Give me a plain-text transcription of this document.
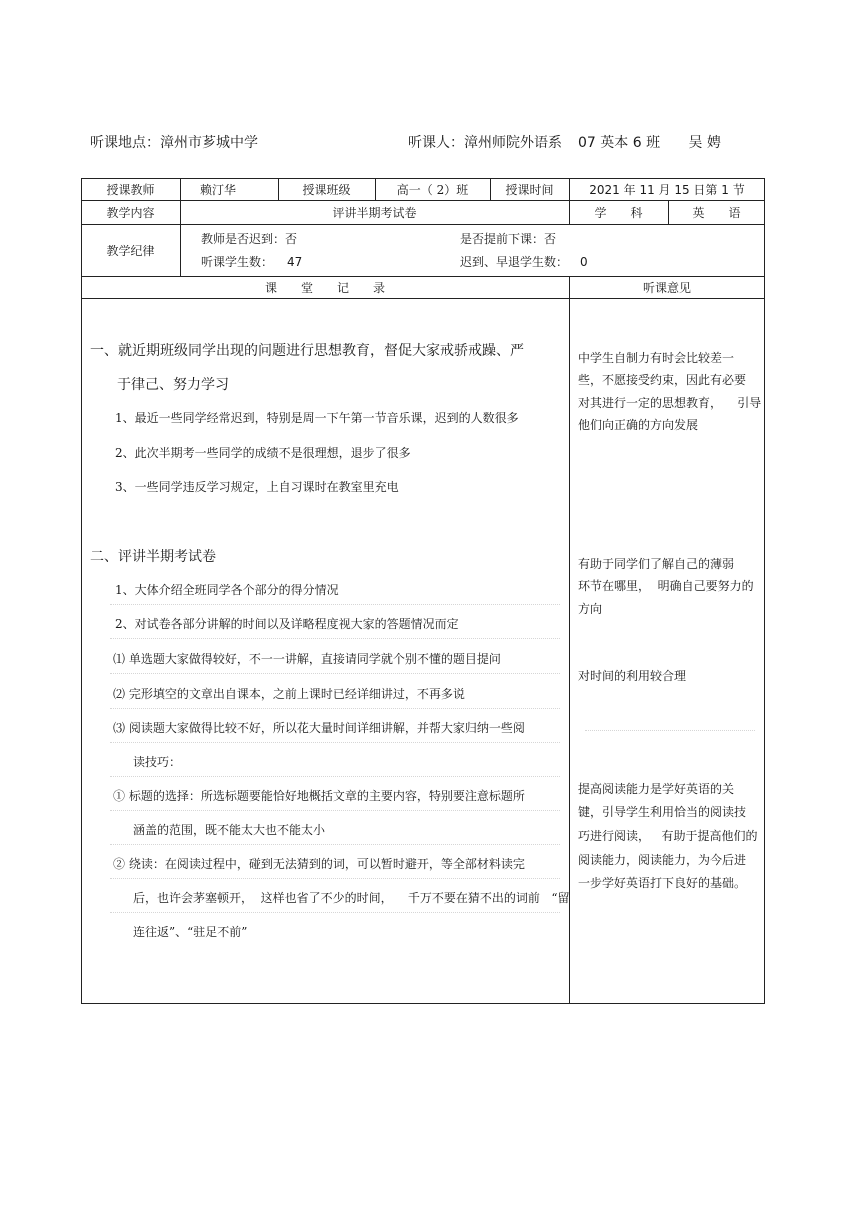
听课地点：漳州市芗城中学	听课人：漳州师院外语系 07 英本 6 班 吴 娉
授课教师	赖汀华	授课班级	高一（ 2）班	授课时间	2021 年 11 月 15 日第 1 节
教学内容	评讲半期考试卷	学　　科	英　　语
教学纪律
教师是否迟到：否	是否提前下课：否
听课学生数： 47	迟到、早退学生数： 0
课　　堂　　记　　录	听课意见
一、就近期班级同学出现的问题进行思想教育，督促大家戒骄戒躁、严
于律己、努力学习
1、最近一些同学经常迟到，特别是周一下午第一节音乐课，迟到的人数很多
2、此次半期考一些同学的成绩不是很理想，退步了很多
3、一些同学违反学习规定，上自习课时在教室里充电
二、评讲半期考试卷
1、大体介绍全班同学各个部分的得分情况
2、对试卷各部分讲解的时间以及详略程度视大家的答题情况而定
⑴ 单选题大家做得较好，不一一讲解，直接请同学就个别不懂的题目提问
⑵ 完形填空的文章出自课本，之前上课时已经详细讲过，不再多说
⑶ 阅读题大家做得比较不好，所以花大量时间详细讲解，并帮大家归纳一些阅
读技巧：
① 标题的选择：所选标题要能恰好地概括文章的主要内容，特别要注意标题所
涵盖的范围，既不能太大也不能太小
② 绕读：在阅读过程中，碰到无法猜到的词，可以暂时避开，等全部材料读完
后，也许会茅塞顿开，  这样也省了不少的时间，    千万不要在猜不出的词前   “留
连往返”、“驻足不前”
中学生自制力有时会比较差一
些，不愿接受约束，因此有必要
对其进行一定的思想教育，    引导
他们向正确的方向发展
有助于同学们了解自己的薄弱
环节在哪里，  明确自己要努力的
方向
对时间的利用较合理
提高阅读能力是学好英语的关
键，引导学生利用恰当的阅读技
巧进行阅读，   有助于提高他们的
阅读能力，阅读能力，为今后进
一步学好英语打下良好的基础。
